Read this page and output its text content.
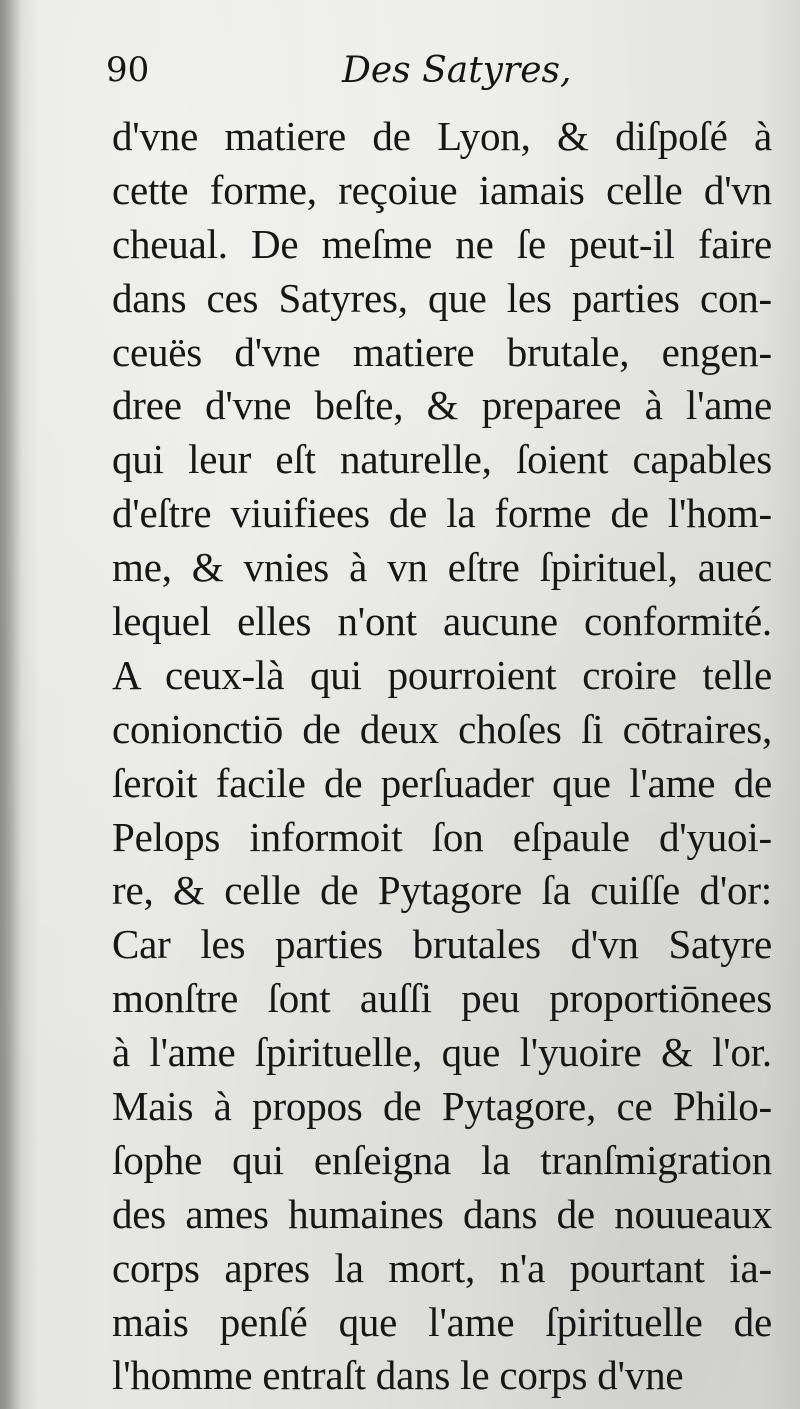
90	Des Satyres,
d'vne matiere de Lyon, & diſpoſé à
cette forme, reçoiue iamais celle d'vn
cheual. De meſme ne ſe peut-il faire
dans ces Satyres, que les parties con-
ceuës d'vne matiere brutale, engen-
dree d'vne beſte, & preparee à l'ame
qui leur eſt naturelle, ſoient capables
d'eſtre viuifiees de la forme de l'hom-
me, & vnies à vn eſtre ſpirituel, auec
lequel elles n'ont aucune conformité.
A ceux-là qui pourroient croire telle
conionctiō de deux choſes ſi cōtraires,
ſeroit facile de perſuader que l'ame de
Pelops informoit ſon eſpaule d'yuoi-
re, & celle de Pytagore ſa cuiſſe d'or:
Car les parties brutales d'vn Satyre
monſtre ſont auſſi peu proportiōnees
à l'ame ſpirituelle, que l'yuoire & l'or.
Mais à propos de Pytagore, ce Philo-
ſophe qui enſeigna la tranſmigration
des ames humaines dans de nouueaux
corps apres la mort, n'a pourtant ia-
mais penſé que l'ame ſpirituelle de
l'homme entraſt dans le corps d'vne
